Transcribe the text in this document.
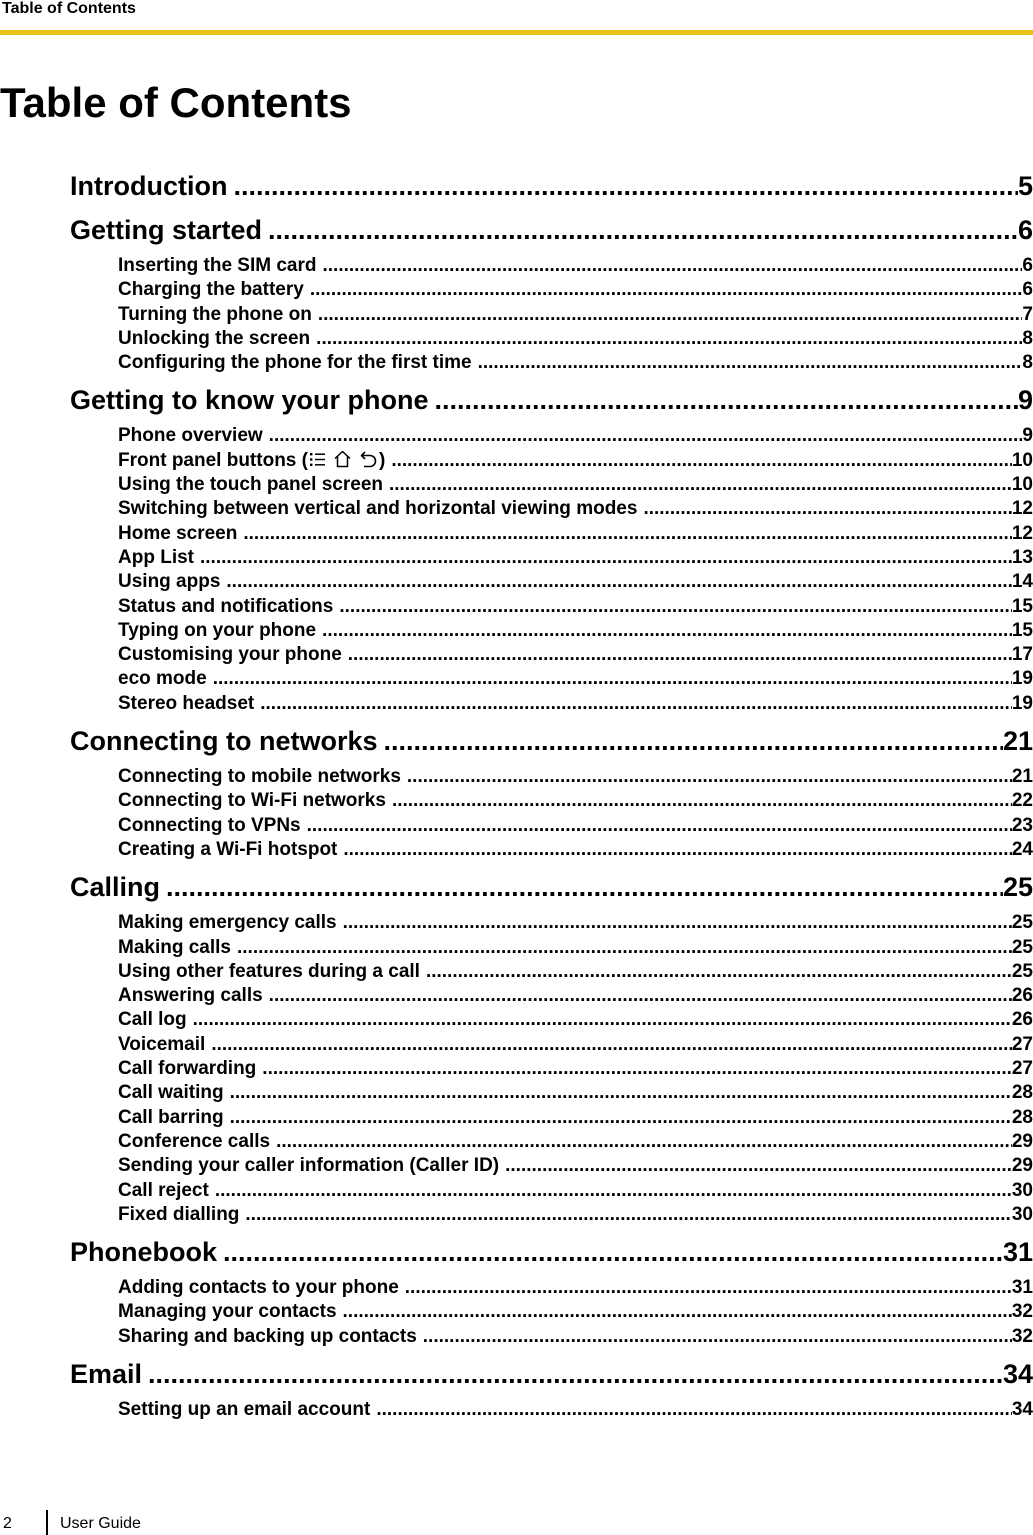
Table of Contents
Table of Contents
Introduction .....	5
Getting started .....	6
Inserting the SIM card .....	6
Charging the battery .....	6
Turning the phone on .....	7
Unlocking the screen .....	8
Configuring the phone for the first time .....	8
Getting to know your phone .....	9
Phone overview .....	9
Front panel buttons (	) .....	10
Using the touch panel screen .....	10
Switching between vertical and horizontal viewing modes .....	12
Home screen .....	12
App List .....	13
Using apps .....	14
Status and notifications .....	15
Typing on your phone .....	15
Customising your phone .....	17
eco mode .....	19
Stereo headset .....	19
Connecting to networks .....	21
Connecting to mobile networks .....	21
Connecting to Wi-Fi networks .....	22
Connecting to VPNs .....	23
Creating a Wi-Fi hotspot .....	24
Calling .....	25
Making emergency calls .....	25
Making calls .....	25
Using other features during a call .....	25
Answering calls .....	26
Call log .....	26
Voicemail .....	27
Call forwarding .....	27
Call waiting .....	28
Call barring .....	28
Conference calls .....	29
Sending your caller information (Caller ID) .....	29
Call reject .....	30
Fixed dialling .....	30
Phonebook .....	31
Adding contacts to your phone .....	31
Managing your contacts .....	32
Sharing and backing up contacts .....	32
Email .....	34
Setting up an email account .....	34
2	User Guide
